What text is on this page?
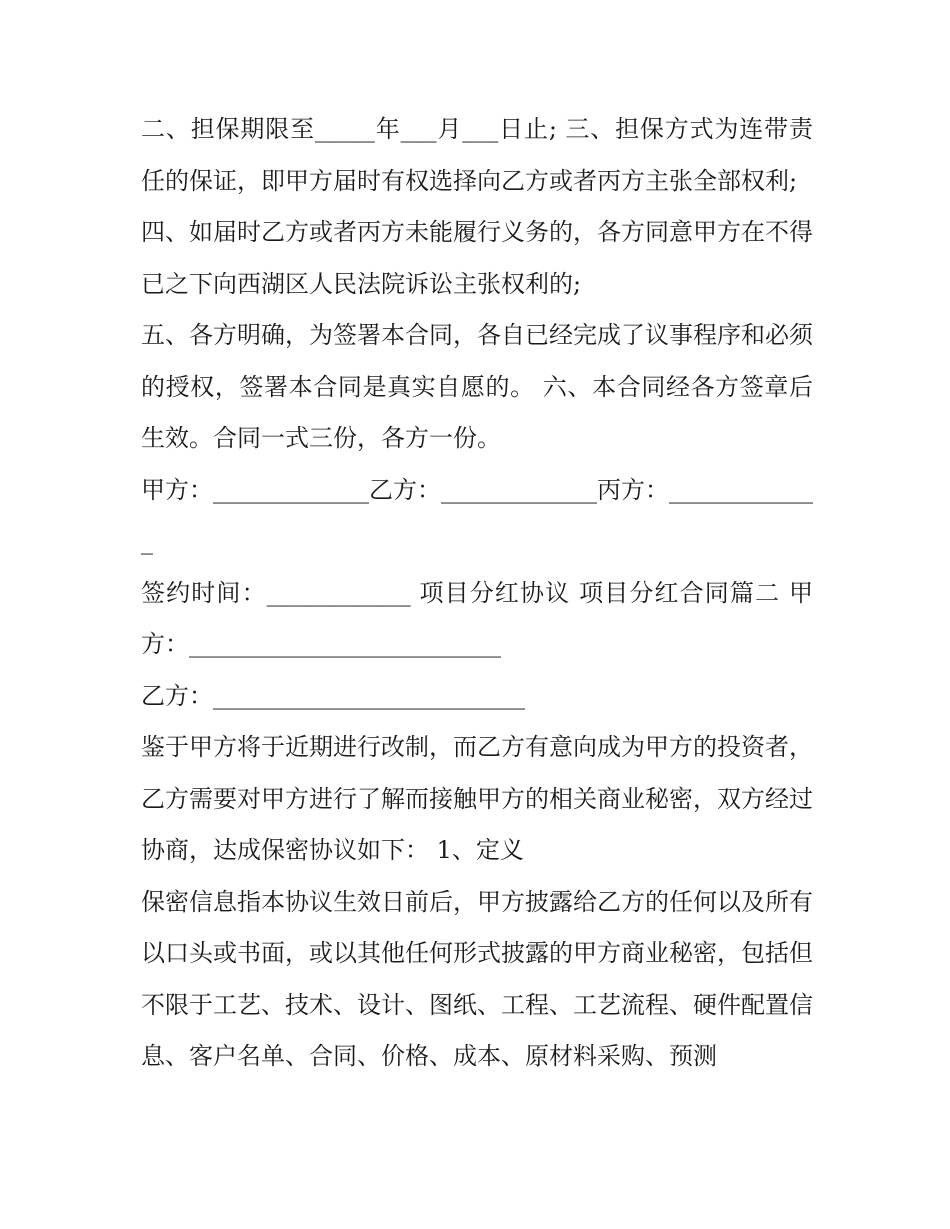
二、担保期限至_____年___月___日止; 三、担保方式为连带责任的保证，即甲方届时有权选择向乙方或者丙方主张全部权利;

四、如届时乙方或者丙方未能履行义务的，各方同意甲方在不得已之下向西湖区人民法院诉讼主张权利的;

五、各方明确，为签署本合同，各自已经完成了议事程序和必须的授权，签署本合同是真实自愿的。 六、本合同经各方签章后生效。合同一式三份，各方一份。

甲方：_____________乙方：_____________丙方：_____________

签约时间：____________ 项目分红协议 项目分红合同篇二 甲方：__________________________

乙方：__________________________

鉴于甲方将于近期进行改制，而乙方有意向成为甲方的投资者，乙方需要对甲方进行了解而接触甲方的相关商业秘密，双方经过协商，达成保密协议如下： 1、定义

保密信息指本协议生效日前后，甲方披露给乙方的任何以及所有以口头或书面，或以其他任何形式披露的甲方商业秘密，包括但不限于工艺、技术、设计、图纸、工程、工艺流程、硬件配置信息、客户名单、合同、价格、成本、原材料采购、预测
